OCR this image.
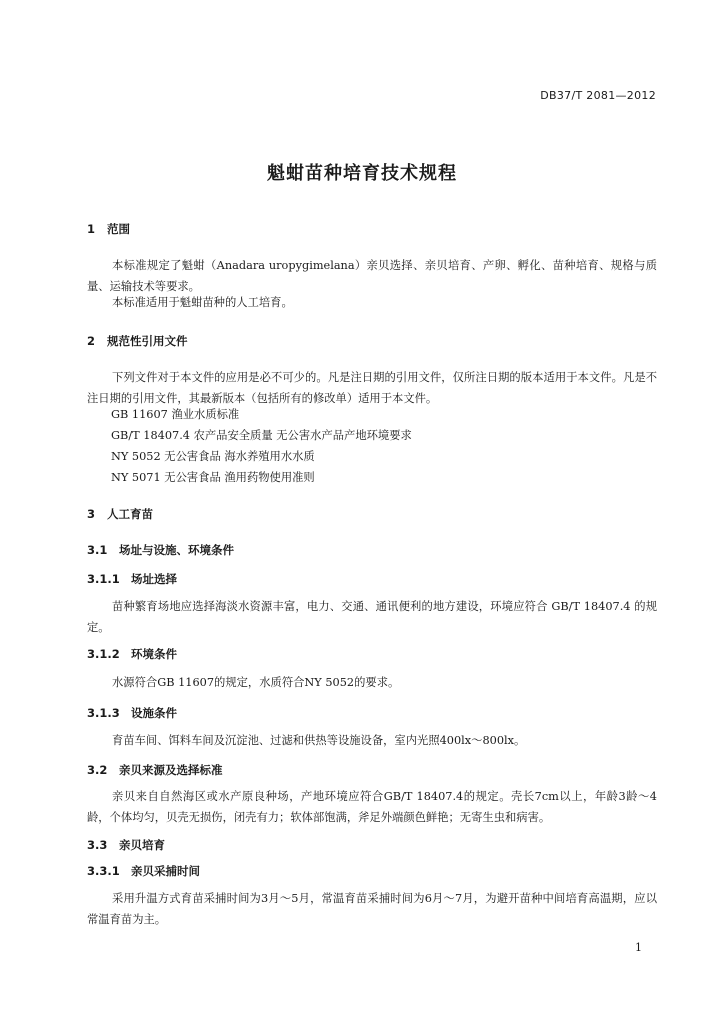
DB37/T 2081—2012
魁蚶苗种培育技术规程
1 范围
本标准规定了魁蚶（Anadara uropygimelana）亲贝选择、亲贝培育、产卵、孵化、苗种培育、规格与质量、运输技术等要求。
本标准适用于魁蚶苗种的人工培育。
2 规范性引用文件
下列文件对于本文件的应用是必不可少的。凡是注日期的引用文件，仅所注日期的版本适用于本文件。凡是不注日期的引用文件，其最新版本（包括所有的修改单）适用于本文件。
GB 11607 渔业水质标准
GB/T 18407.4 农产品安全质量 无公害水产品产地环境要求
NY 5052 无公害食品 海水养殖用水水质
NY 5071 无公害食品 渔用药物使用准则
3 人工育苗
3.1 场址与设施、环境条件
3.1.1 场址选择
苗种繁育场地应选择海淡水资源丰富，电力、交通、通讯便利的地方建设，环境应符合 GB/T 18407.4 的规定。
3.1.2 环境条件
水源符合GB 11607的规定，水质符合NY 5052的要求。
3.1.3 设施条件
育苗车间、饵料车间及沉淀池、过滤和供热等设施设备，室内光照400lx～800lx。
3.2 亲贝来源及选择标准
亲贝来自自然海区或水产原良种场，产地环境应符合GB/T 18407.4的规定。壳长7cm以上，年龄3龄～4龄，个体均匀，贝壳无损伤，闭壳有力；软体部饱满，斧足外端颜色鲜艳；无寄生虫和病害。
3.3 亲贝培育
3.3.1 亲贝采捕时间
采用升温方式育苗采捕时间为3月～5月，常温育苗采捕时间为6月～7月，为避开苗种中间培育高温期，应以常温育苗为主。
1
